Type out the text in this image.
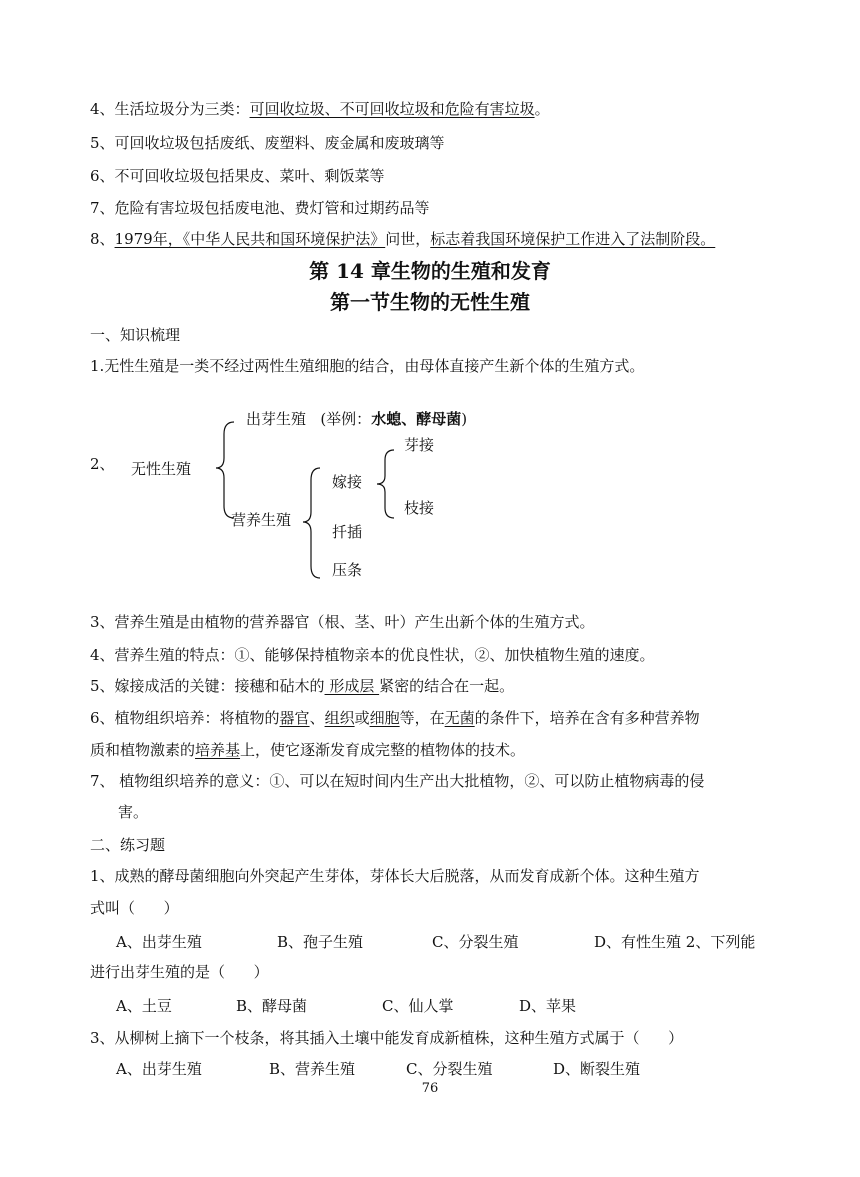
4、生活垃圾分为三类：可回收垃圾、不可回收垃圾和危险有害垃圾。
5、可回收垃圾包括废纸、废塑料、废金属和废玻璃等
6、不可回收垃圾包括果皮、菜叶、剩饭菜等
7、危险有害垃圾包括废电池、费灯管和过期药品等
8、1979年，《中华人民共和国环境保护法》问世，标志着我国环境保护工作进入了法制阶段。
第 14 章生物的生殖和发育
第一节生物的无性生殖
一、知识梳理
1.无性生殖是一类不经过两性生殖细胞的结合，由母体直接产生新个体的生殖方式。
2、 无性生殖
出芽生殖 (举例：水螅、酵母菌)
营养生殖
嫁接
扦插
压条
芽接
枝接
3、营养生殖是由植物的营养器官（根、茎、叶）产生出新个体的生殖方式。
4、营养生殖的特点：①、能够保持植物亲本的优良性状，②、加快植物生殖的速度。
5、嫁接成活的关键：接穗和砧木的 形成层 紧密的结合在一起。
6、植物组织培养：将植物的器官、组织或细胞等，在无菌的条件下，培养在含有多种营养物
质和植物激素的培养基上，使它逐渐发育成完整的植物体的技术。
7、 植物组织培养的意义：①、可以在短时间内生产出大批植物，②、可以防止植物病毒的侵
害。
二、练习题
1、成熟的酵母菌细胞向外突起产生芽体，芽体长大后脱落，从而发育成新个体。这种生殖方
式叫（      ）
A、出芽生殖	B、孢子生殖	C、分裂生殖	D、有性生殖 2、下列能
进行出芽生殖的是（      ）
A、土豆	B、酵母菌	C、仙人掌	D、苹果
3、从柳树上摘下一个枝条，将其插入土壤中能发育成新植株，这种生殖方式属于（      ）
A、出芽生殖	B、营养生殖	C、分裂生殖	D、断裂生殖
76
